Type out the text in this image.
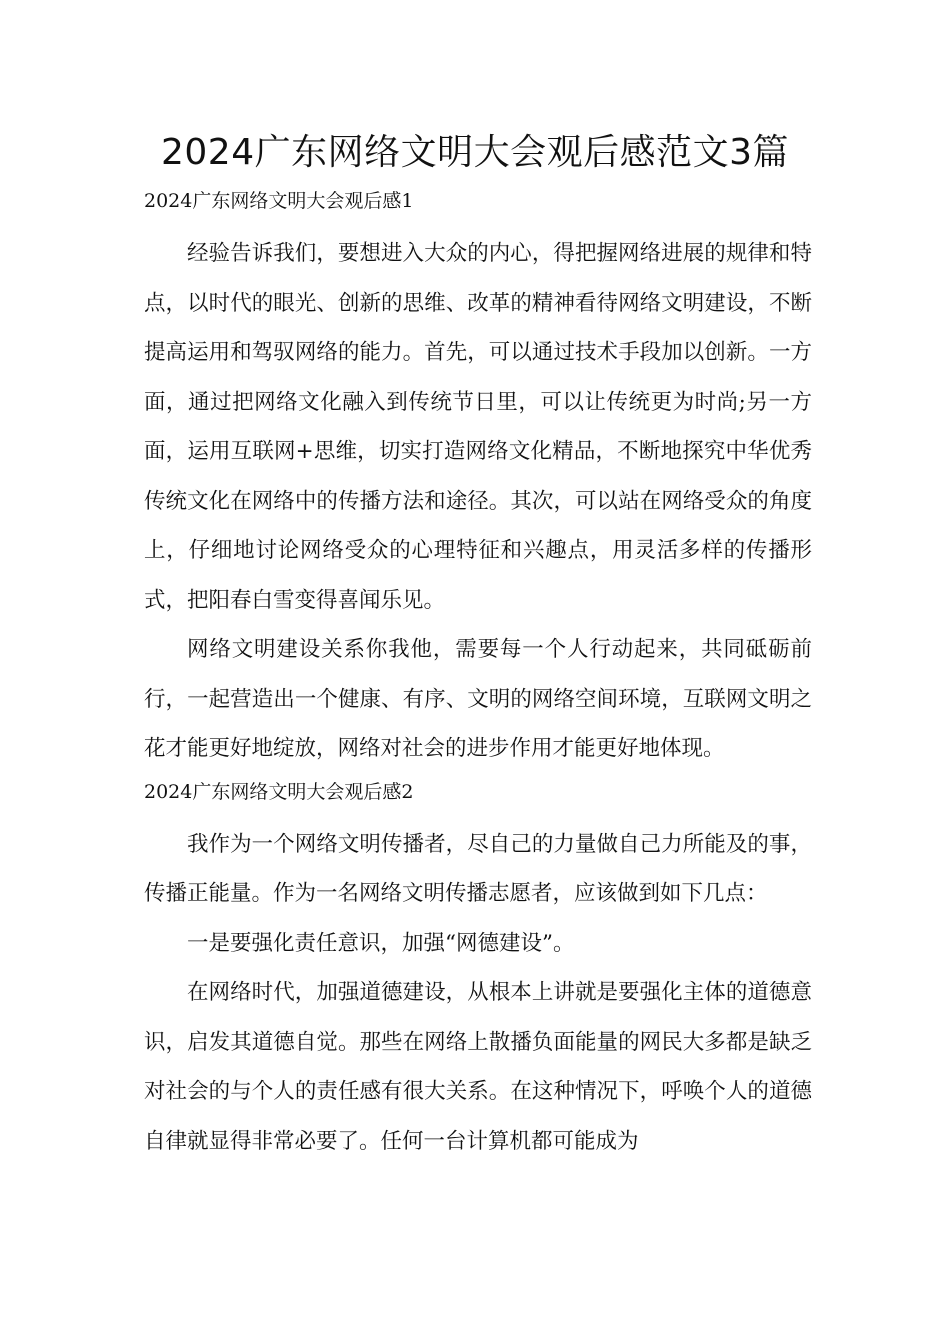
2024广东网络文明大会观后感范文3篇
2024广东网络文明大会观后感1

经验告诉我们，要想进入大众的内心，得把握网络进展的规律和特点，以时代的眼光、创新的思维、改革的精神看待网络文明建设，不断提高运用和驾驭网络的能力。首先，可以通过技术手段加以创新。一方面，通过把网络文化融入到传统节日里，可以让传统更为时尚;另一方面，运用互联网+思维，切实打造网络文化精品，不断地探究中华优秀传统文化在网络中的传播方法和途径。其次，可以站在网络受众的角度上，仔细地讨论网络受众的心理特征和兴趣点，用灵活多样的传播形式，把阳春白雪变得喜闻乐见。

网络文明建设关系你我他，需要每一个人行动起来，共同砥砺前行，一起营造出一个健康、有序、文明的网络空间环境，互联网文明之花才能更好地绽放，网络对社会的进步作用才能更好地体现。

2024广东网络文明大会观后感2

我作为一个网络文明传播者，尽自己的力量做自己力所能及的事，传播正能量。作为一名网络文明传播志愿者，应该做到如下几点：

一是要强化责任意识，加强“网德建设”。

在网络时代，加强道德建设，从根本上讲就是要强化主体的道德意识，启发其道德自觉。那些在网络上散播负面能量的网民大多都是缺乏对社会的与个人的责任感有很大关系。在这种情况下，呼唤个人的道德自律就显得非常必要了。任何一台计算机都可能成为
